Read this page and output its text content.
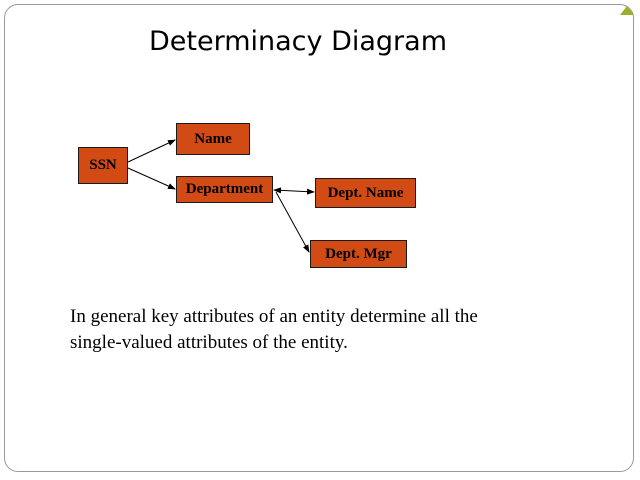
Determinacy Diagram
SSN
Name
Department	Dept. Name
Dept. Mgr
In general key attributes of an entity determine all the
single-valued attributes of the entity.
